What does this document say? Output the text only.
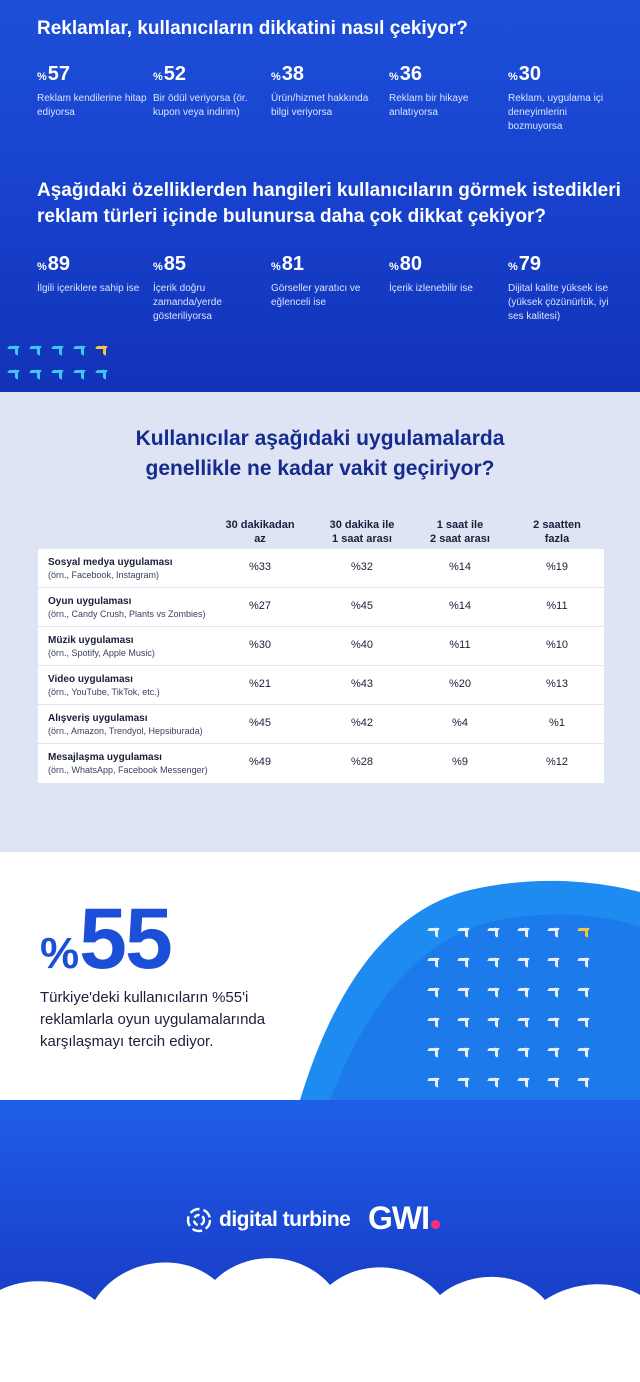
Reklamlar, kullanıcıların dikkatini nasıl çekiyor?
%57
Reklam kendilerine hitap ediyorsa
%52
Bir ödül veriyorsa (ör. kupon veya indirim)
%38
Ürün/hizmet hakkında bilgi veriyorsa
%36
Reklam bir hikaye anlatıyorsa
%30
Reklam, uygulama içi deneyimlerini bozmuyorsa
Aşağıdaki özelliklerden hangileri kullanıcıların görmek istedikleri
reklam türleri içinde bulunursa daha çok dikkat çekiyor?
%89
İlgili içeriklere sahip ise
%85
İçerik doğru zamanda/yerde gösteriliyorsa
%81
Görseller yaratıcı ve eğlenceli ise
%80
İçerik izlenebilir ise
%79
Dijital kalite yüksek ise (yüksek çözünürlük, iyi ses kalitesi)
Kullanıcılar aşağıdaki uygulamalarda
genellikle ne kadar vakit geçiriyor?
30 dakikadan
az
30 dakika ile
1 saat arası
1 saat ile
2 saat arası
2 saatten
fazla
Sosyal medya uygulaması
(örn., Facebook, Instagram)
%33	%32	%14	%19
Oyun uygulaması
(örn., Candy Crush, Plants vs Zombies)
%27	%45	%14	%11
Müzik uygulaması
(örn., Spotify, Apple Music)
%30	%40	%11	%10
Video uygulaması
(örn., YouTube, TikTok, etc.)
%21	%43	%20	%13
Alışveriş uygulaması
(örn., Amazon, Trendyol, Hepsiburada)
%45	%42	%4	%1
Mesajlaşma uygulaması
(örn., WhatsApp, Facebook Messenger)
%49	%28	%9	%12
%55
Türkiye'deki kullanıcıların %55'i reklamlarla oyun uygulamalarında karşılaşmayı tercih ediyor.
digital turbine GWI
